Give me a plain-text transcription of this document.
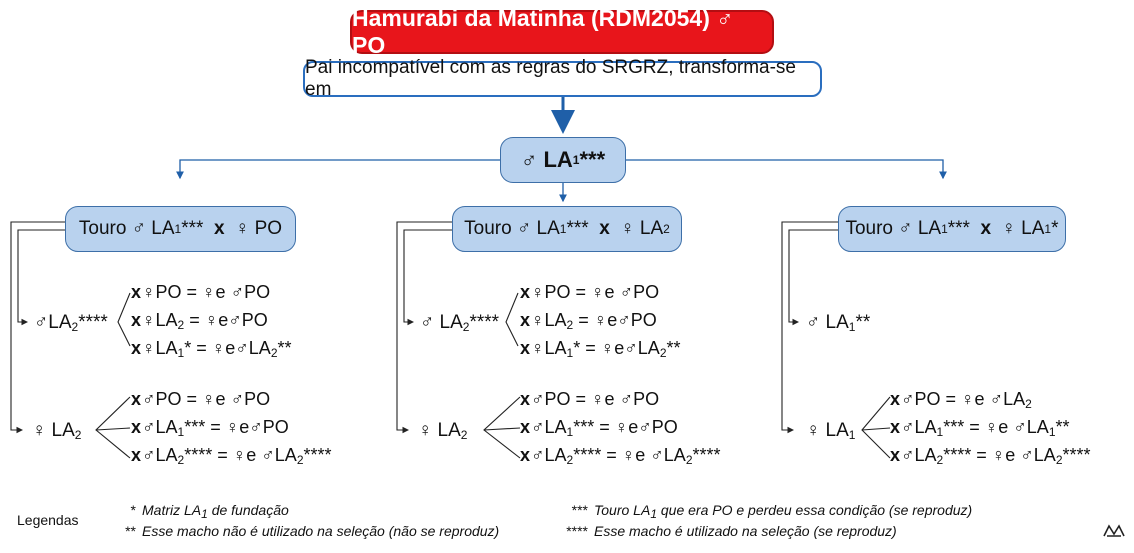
Hamurabi da Matinha (RDM2054) ♂ PO
Pai incompatível com as regras do SRGRZ, transforma-se em
♂
LA 1 ***
Touro
♂
LA 1 ***
x
♀
PO	Touro
♂
LA 1 ***
x
♀
LA 2	Touro
♂
LA 1 ***
x
♀
LA 1 *
$♂LA_2****$
♀ $LA_2$
♂ $LA_2****$
♀ $LA_2$
♂ $LA_1**$
♀ $LA_1$
x♀PO = ♀e ♂PO
$x♀LA_2$ = ♀e♂PO
$x♀LA_1*$ = $♀e♂LA_2**$
x♂PO = ♀e ♂PO
$x♂LA_1***$ = ♀e♂PO
$x♂LA_2****$ = ♀e $♂LA_2****$
x♀PO = ♀e ♂PO
$x♀LA_2$ = ♀e♂PO
$x♀LA_1*$ = $♀e♂LA_2**$
x♂PO = ♀e ♂PO
$x♂LA_1***$ = ♀e♂PO
$x♂LA_2****$ = ♀e $♂LA_2****$
x♂PO = ♀e $♂LA_2$
$x♂LA_1***$ = ♀e $♂LA_1**$
$x♂LA_2****$ = ♀e $♂LA_2****$
Legendas
* Matriz $LA_1$ de fundação
** Esse macho não é utilizado na seleção (não se reproduz)
*** Touro $LA_1$ que era PO e perdeu essa condição (se reproduz)
**** Esse macho é utilizado na seleção (se reproduz)
